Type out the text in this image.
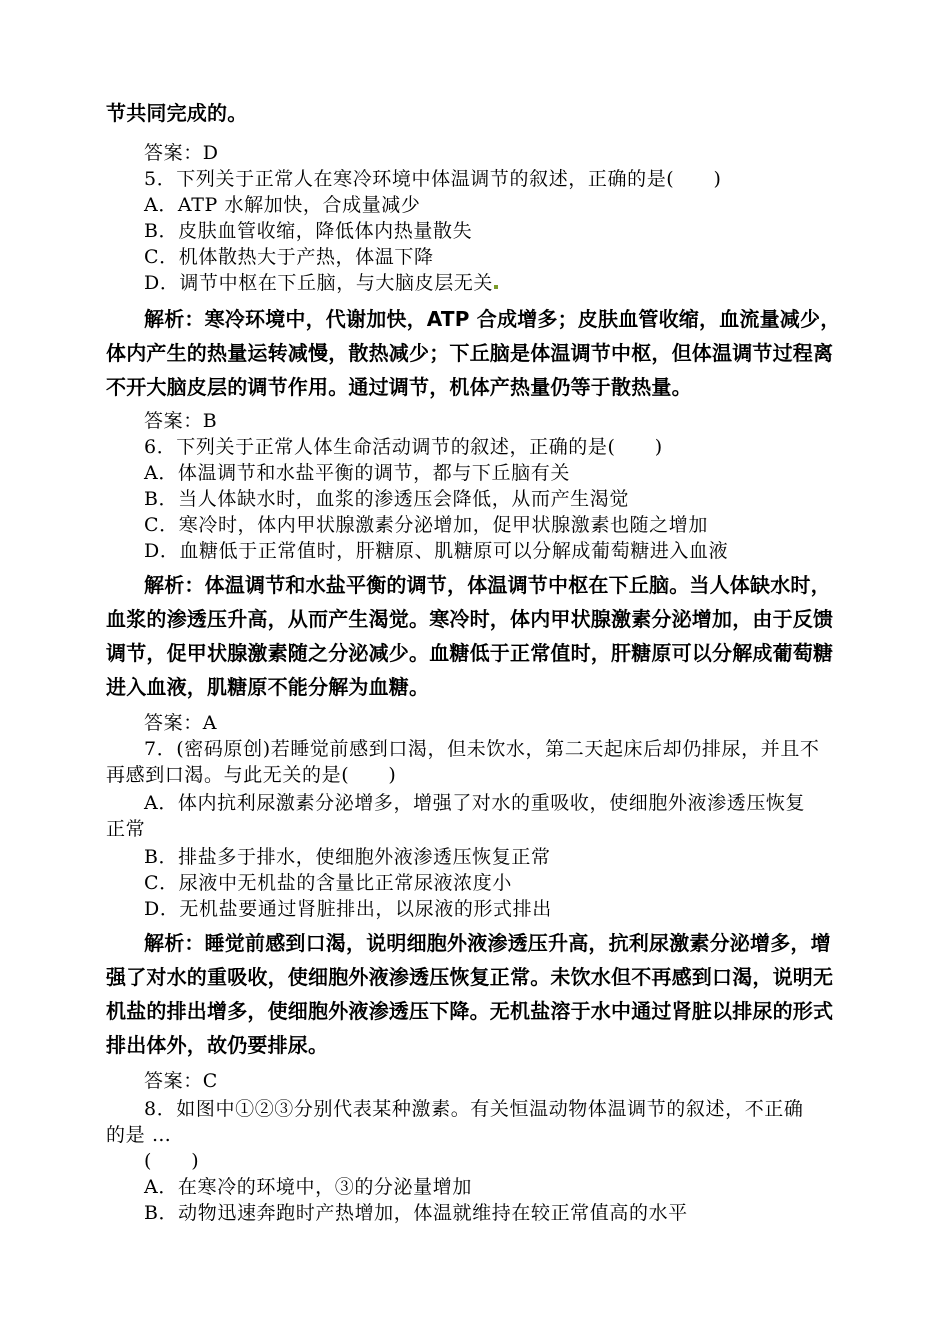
节共同完成的。
答案：D
5．下列关于正常人在寒冷环境中体温调节的叙述，正确的是(　　)
A．ATP 水解加快，合成量减少
B．皮肤血管收缩，降低体内热量散失
C．机体散热大于产热，体温下降
D．调节中枢在下丘脑，与大脑皮层无关
解析：寒冷环境中，代谢加快，ATP 合成增多；皮肤血管收缩，血流量减少，
体内产生的热量运转减慢，散热减少；下丘脑是体温调节中枢，但体温调节过程离
不开大脑皮层的调节作用。通过调节，机体产热量仍等于散热量。
答案：B
6．下列关于正常人体生命活动调节的叙述，正确的是(　　)
A．体温调节和水盐平衡的调节，都与下丘脑有关
B．当人体缺水时，血浆的渗透压会降低，从而产生渴觉
C．寒冷时，体内甲状腺激素分泌增加，促甲状腺激素也随之增加
D．血糖低于正常值时，肝糖原、肌糖原可以分解成葡萄糖进入血液
解析：体温调节和水盐平衡的调节，体温调节中枢在下丘脑。当人体缺水时，
血浆的渗透压升高，从而产生渴觉。寒冷时，体内甲状腺激素分泌增加，由于反馈
调节，促甲状腺激素随之分泌减少。血糖低于正常值时，肝糖原可以分解成葡萄糖
进入血液，肌糖原不能分解为血糖。
答案：A
7．(密码原创)若睡觉前感到口渴，但未饮水，第二天起床后却仍排尿，并且不
再感到口渴。与此无关的是(　　)
A．体内抗利尿激素分泌增多，增强了对水的重吸收，使细胞外液渗透压恢复
正常
B．排盐多于排水，使细胞外液渗透压恢复正常
C．尿液中无机盐的含量比正常尿液浓度小
D．无机盐要通过肾脏排出，以尿液的形式排出
解析：睡觉前感到口渴，说明细胞外液渗透压升高，抗利尿激素分泌增多，增
强了对水的重吸收，使细胞外液渗透压恢复正常。未饮水但不再感到口渴，说明无
机盐的排出增多，使细胞外液渗透压下降。无机盐溶于水中通过肾脏以排尿的形式
排出体外，故仍要排尿。
答案：C
8．如图中①②③分别代表某种激素。有关恒温动物体温调节的叙述，不正确
的是 …
(　　)
A．在寒冷的环境中，③的分泌量增加
B．动物迅速奔跑时产热增加，体温就维持在较正常值高的水平
